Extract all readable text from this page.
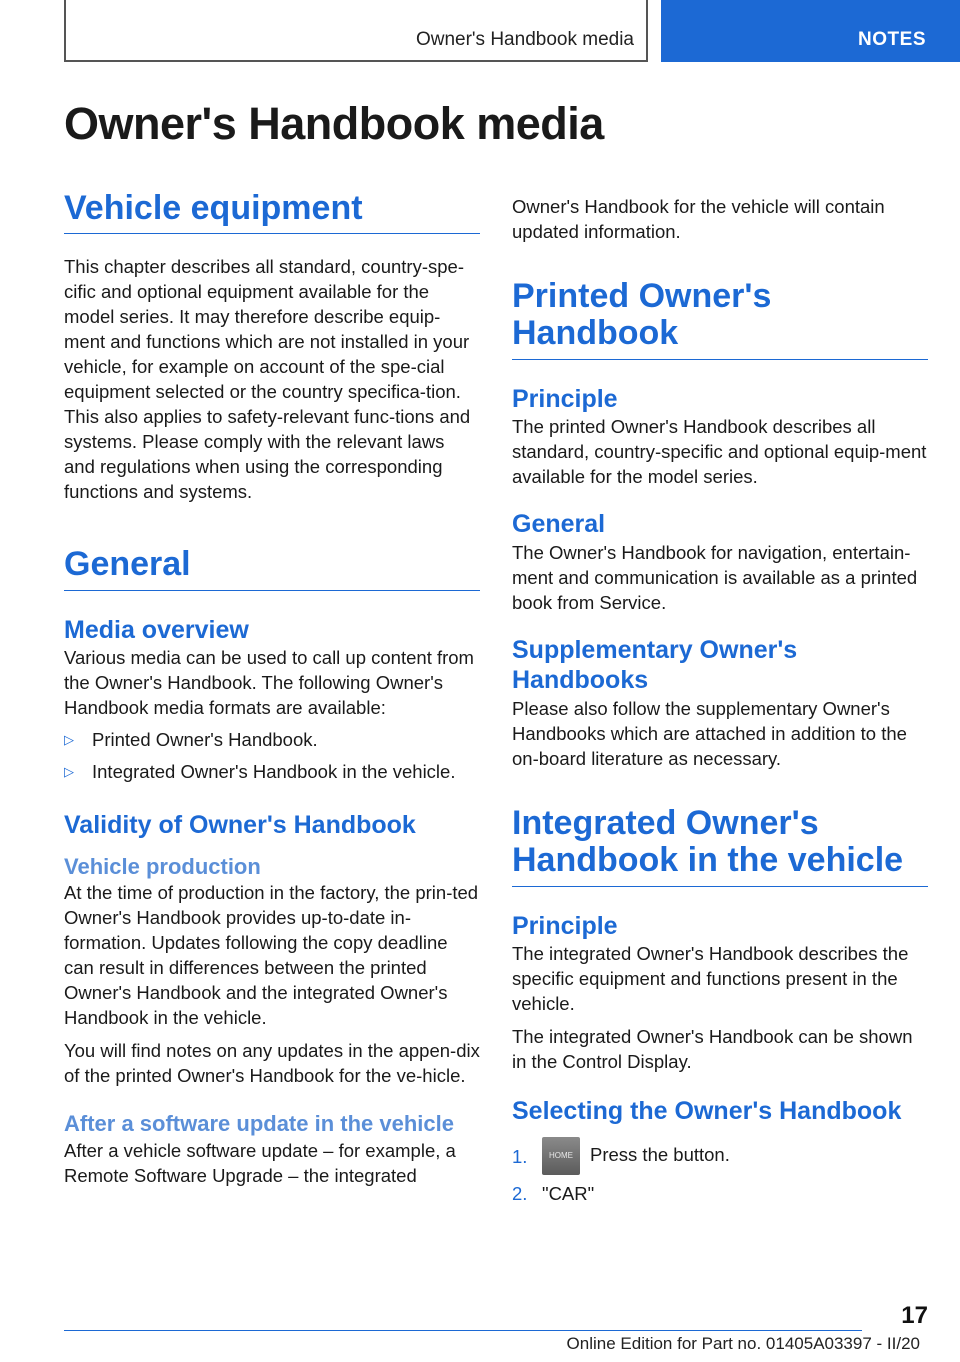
Owner's Handbook media	NOTES
Owner's Handbook media
Vehicle equipment

This chapter describes all standard, country-spe-cific and optional equipment available for the model series. It may therefore describe equip-ment and functions which are not installed in your vehicle, for example on account of the spe-cial equipment selected or the country specifica-tion. This also applies to safety-relevant func-tions and systems. Please comply with the relevant laws and regulations when using the corresponding functions and systems.

General
Media overview

Various media can be used to call up content from the Owner's Handbook. The following Owner's Handbook media formats are available:

▷ Printed Owner's Handbook.
▷ Integrated Owner's Handbook in the vehicle.
Validity of Owner's Handbook
Vehicle production

At the time of production in the factory, the prin-ted Owner's Handbook provides up-to-date in-formation. Updates following the copy deadline can result in differences between the printed Owner's Handbook and the integrated Owner's Handbook in the vehicle.

You will find notes on any updates in the appen-dix of the printed Owner's Handbook for the ve-hicle.

After a software update in the vehicle

After a vehicle software update – for example, a Remote Software Upgrade – the integrated

Owner's Handbook for the vehicle will contain updated information.

Printed Owner's Handbook
Principle

The printed Owner's Handbook describes all standard, country-specific and optional equip-ment available for the model series.

General

The Owner's Handbook for navigation, entertain-ment and communication is available as a printed book from Service.

Supplementary Owner's Handbooks

Please also follow the supplementary Owner's Handbooks which are attached in addition to the on-board literature as necessary.

Integrated Owner's Handbook in the vehicle
Principle

The integrated Owner's Handbook describes the specific equipment and functions present in the vehicle.

The integrated Owner's Handbook can be shown in the Control Display.

Selecting the Owner's Handbook
1.	HOME Press the button.
2. "CAR"
17
Online Edition for Part no. 01405A03397 - II/20
